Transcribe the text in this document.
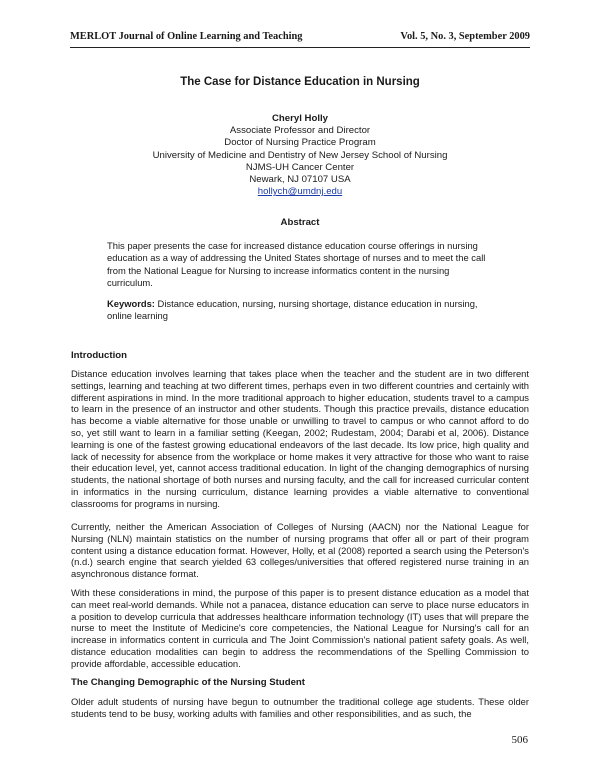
MERLOT Journal of Online Learning and Teaching	Vol. 5, No. 3, September 2009
The Case for Distance Education in Nursing
Cheryl Holly
Associate Professor and Director
Doctor of Nursing Practice Program
University of Medicine and Dentistry of New Jersey School of Nursing
NJMS-UH Cancer Center
Newark, NJ 07107 USA
hollych@umdnj.edu
Abstract
This paper presents the case for increased distance education course offerings in nursing education as a way of addressing the United States shortage of nurses and to meet the call from the National League for Nursing to increase informatics content in the nursing curriculum.
Keywords: Distance education, nursing, nursing shortage, distance education in nursing, online learning
Introduction
Distance education involves learning that takes place when the teacher and the student are in two different settings, learning and teaching at two different times, perhaps even in two different countries and certainly with different aspirations in mind. In the more traditional approach to higher education, students travel to a campus to learn in the presence of an instructor and other students. Though this practice prevails, distance education has become a viable alternative for those unable or unwilling to travel to campus or who cannot afford to do so, yet still want to learn in a familiar setting (Keegan, 2002; Rudestam, 2004; Darabi et al, 2006). Distance learning is one of the fastest growing educational endeavors of the last decade. Its low price, high quality and lack of necessity for absence from the workplace or home makes it very attractive for those who want to raise their education level, yet, cannot access traditional education. In light of the changing demographics of nursing students, the national shortage of both nurses and nursing faculty, and the call for increased curricular content in informatics in the nursing curriculum, distance learning provides a viable alternative to conventional classrooms for programs in nursing.
Currently, neither the American Association of Colleges of Nursing (AACN) nor the National League for Nursing (NLN) maintain statistics on the number of nursing programs that offer all or part of their program content using a distance education format. However, Holly, et al (2008) reported a search using the Peterson's (n.d.) search engine that search yielded 63 colleges/universities that offered registered nurse training in an asynchronous distance format.
With these considerations in mind, the purpose of this paper is to present distance education as a model that can meet real-world demands. While not a panacea, distance education can serve to place nurse educators in a position to develop curricula that addresses healthcare information technology (IT) uses that will prepare the nurse to meet the Institute of Medicine's core competencies, the National League for Nursing's call for an increase in informatics content in curricula and The Joint Commission's national patient safety goals. As well, distance education modalities can begin to address the recommendations of the Spelling Commission to provide affordable, accessible education.
The Changing Demographic of the Nursing Student
Older adult students of nursing have begun to outnumber the traditional college age students. These older students tend to be busy, working adults with families and other responsibilities, and as such, the
506
